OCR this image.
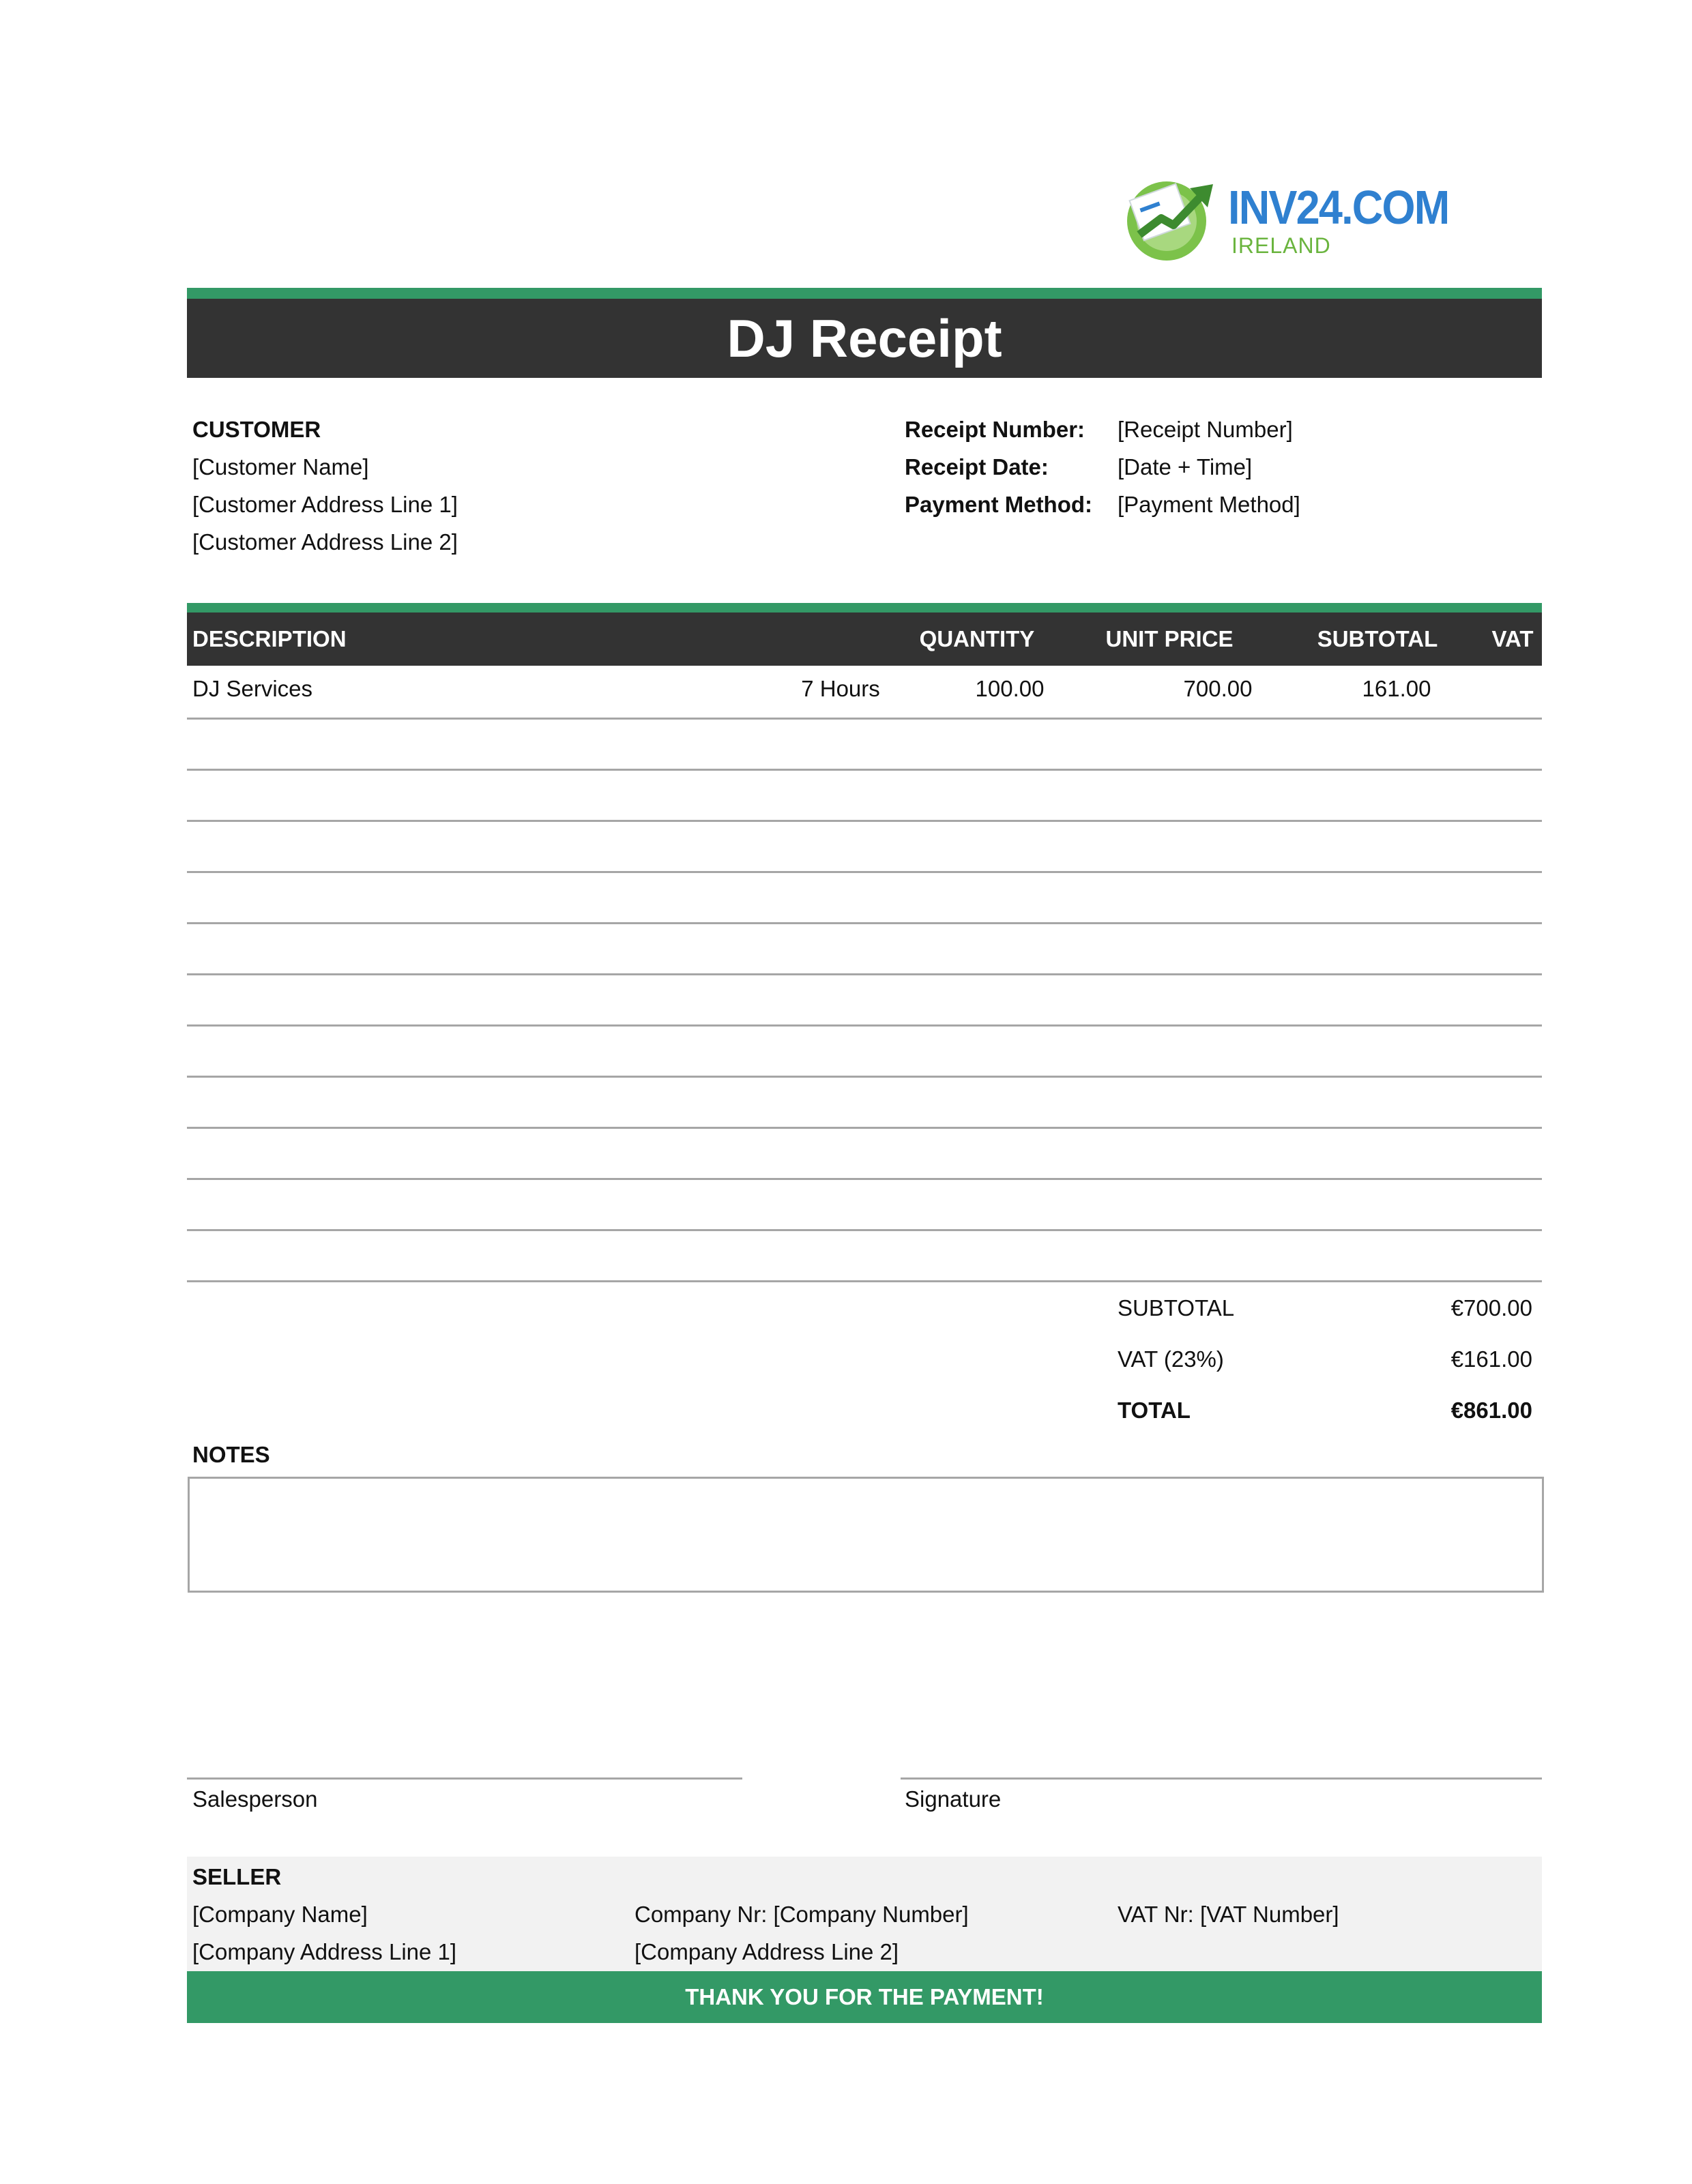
INV24.COM
IRELAND
DJ Receipt
CUSTOMER
[Customer Name]
[Customer Address Line 1]
[Customer Address Line 2]
Receipt Number: [Receipt Number]
Receipt Date:	[Date + Time]
Payment Method: [Payment Method]
DESCRIPTION	QUANTITY	UNIT PRICE	SUBTOTAL	VAT
DJ Services	7 Hours	100.00	700.00	161.00
SUBTOTAL	€700.00
VAT (23%)	€161.00
TOTAL	€861.00
NOTES
Salesperson	Signature
SELLER
[Company Name]
[Company Address Line 1]
Company Nr: [Company Number]
[Company Address Line 2]
VAT Nr: [VAT Number]
THANK YOU FOR THE PAYMENT!
